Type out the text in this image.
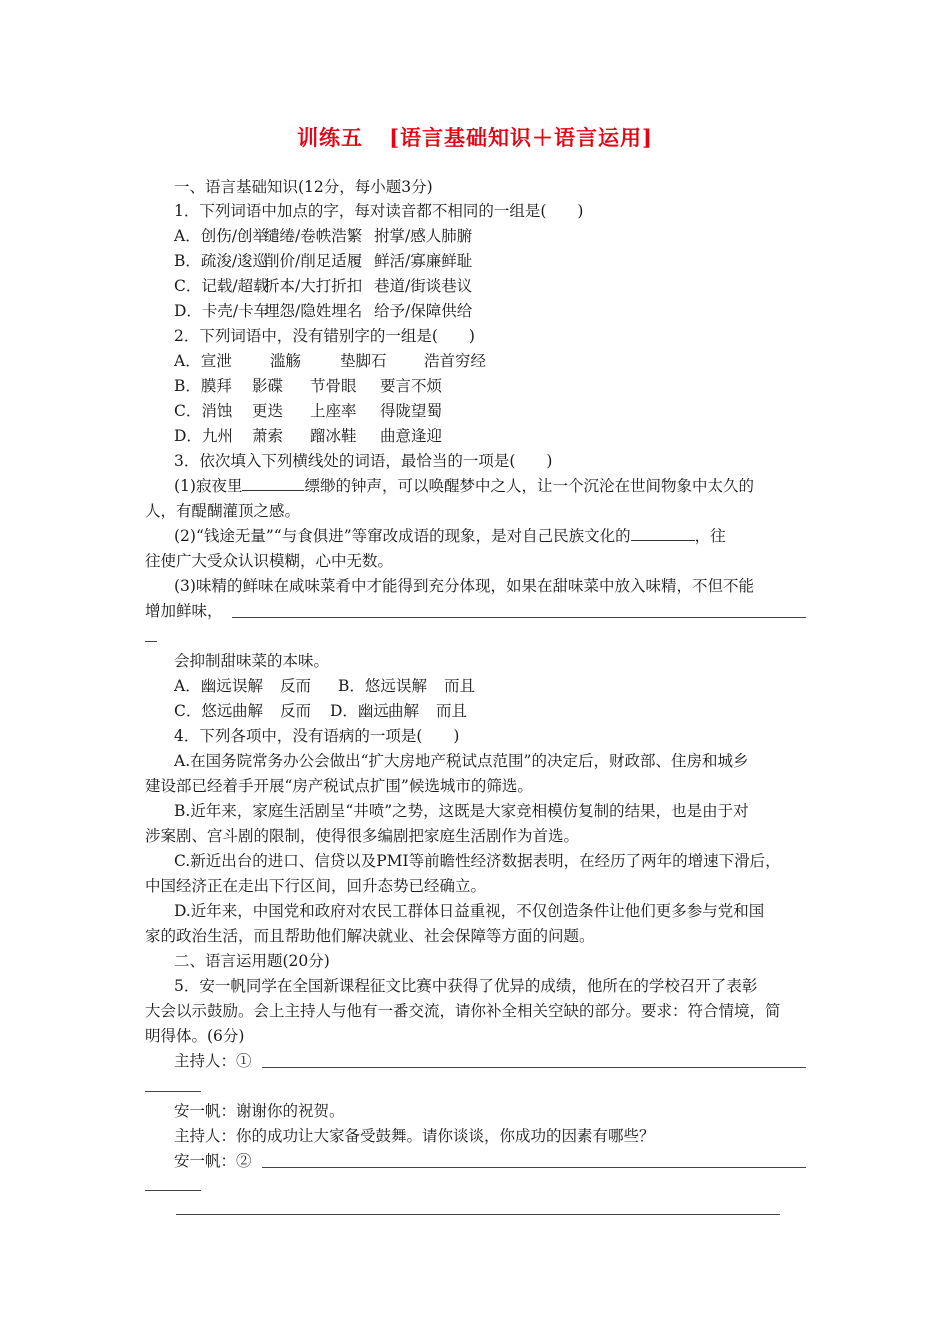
训练五 [语言基础知识＋语言运用]
一、语言基础知识(12分，每小题3分)
1．下列词语中加点的字，每对读音都不相同的一组是(　　)
A．创伤/创举缱绻/卷帙浩繁 拊掌/感人肺腑
B．疏浚/逡巡削价/削足适履 鲜活/寡廉鲜耻
C．记载/超载折本/大打折扣 巷道/街谈巷议
D．卡壳/卡车埋怨/隐姓埋名 给予/保障供给
2．下列词语中，没有错别字的一组是(　　)
A．宣泄 滥觞	垫脚石 浩首穷经
B．膜拜 影碟 节骨眼 要言不烦
C．消蚀 更迭 上座率 得陇望蜀
D．九州 萧索 蹓冰鞋 曲意逢迎
3．依次填入下列横线处的词语，最恰当的一项是(　　)
(1)寂夜里	缥缈的钟声，可以唤醒梦中之人，让一个沉沦在世间物象中太久的
人，有醍醐灌顶之感。
(2)“钱途无量”“与食俱进”等窜改成语的现象，是对自己民族文化的	，往
往使广大受众认识模糊，心中无数。
(3)味精的鲜味在咸味菜肴中才能得到充分体现，如果在甜味菜中放入味精，不但不能
增加鲜味，
会抑制甜味菜的本味。
A．幽远误解 反而 B．悠远误解 而且
C．悠远曲解 反而 D．幽远曲解 而且
4．下列各项中，没有语病的一项是(　　)
A.在国务院常务办公会做出“扩大房地产税试点范围”的决定后，财政部、住房和城乡
建设部已经着手开展“房产税试点扩围”候选城市的筛选。
B.近年来，家庭生活剧呈“井喷”之势，这既是大家竞相模仿复制的结果，也是由于对
涉案剧、宫斗剧的限制，使得很多编剧把家庭生活剧作为首选。
C.新近出台的进口、信贷以及PMI等前瞻性经济数据表明，在经历了两年的增速下滑后，
中国经济正在走出下行区间，回升态势已经确立。
D.近年来，中国党和政府对农民工群体日益重视，不仅创造条件让他们更多参与党和国
家的政治生活，而且帮助他们解决就业、社会保障等方面的问题。
二、语言运用题(20分)
5．安一帆同学在全国新课程征文比赛中获得了优异的成绩，他所在的学校召开了表彰
大会以示鼓励。会上主持人与他有一番交流，请你补全相关空缺的部分。要求：符合情境，简
明得体。(6分)
主持人：①
安一帆：谢谢你的祝贺。
主持人：你的成功让大家备受鼓舞。请你谈谈，你成功的因素有哪些？
安一帆：②
